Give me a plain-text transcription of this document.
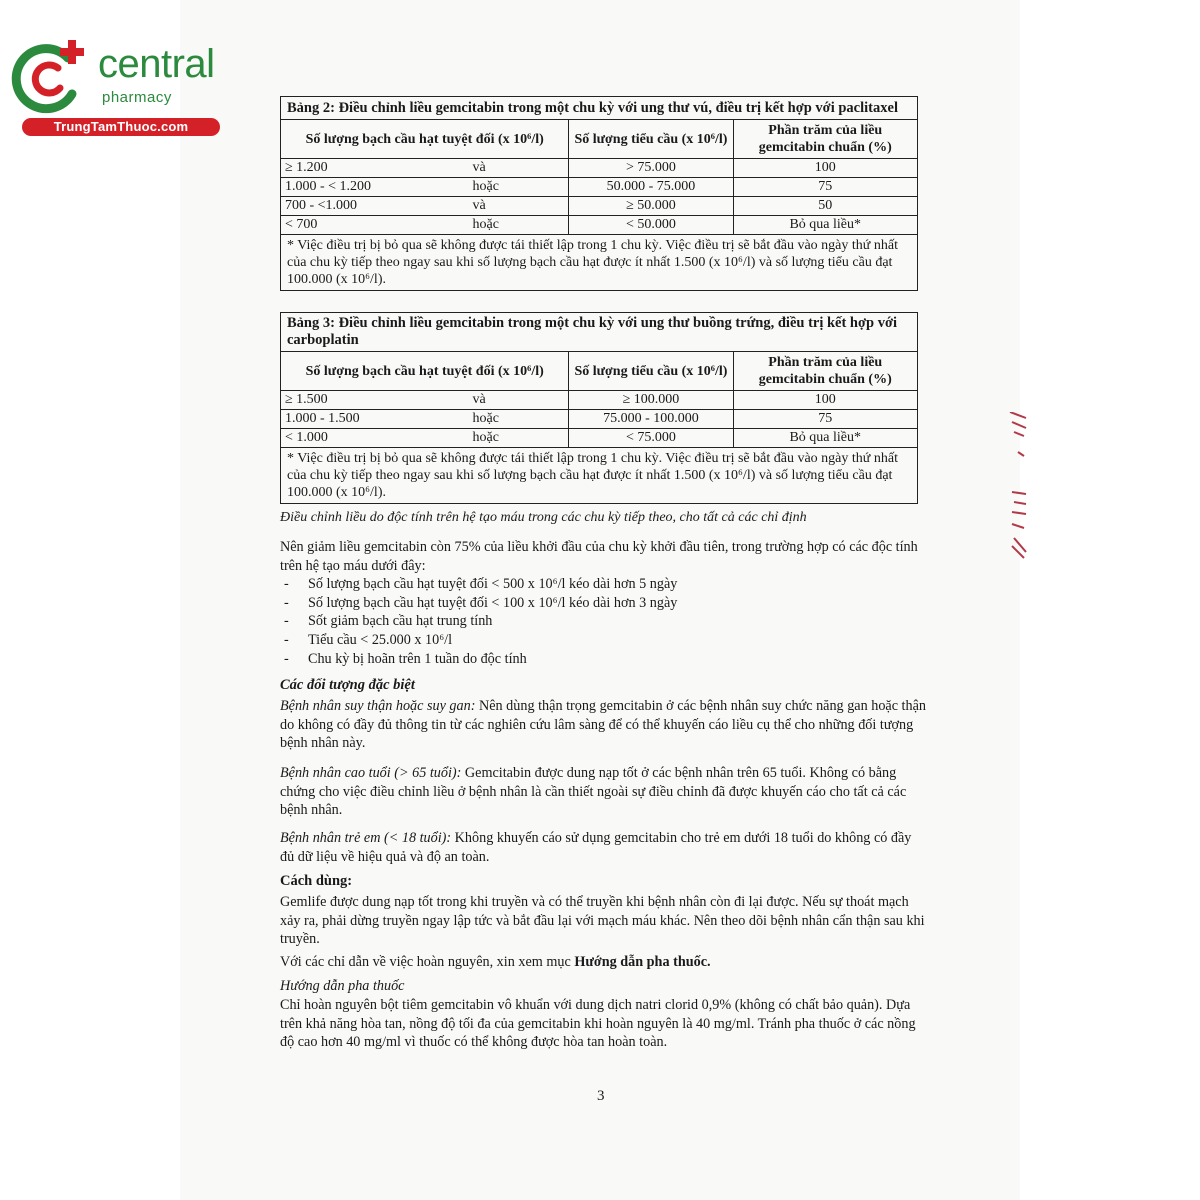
central
pharmacy
TrungTamThuoc.com
Bảng 2: Điều chỉnh liều gemcitabin trong một chu kỳ với ung thư vú, điều trị kết hợp với paclitaxel			
Số lượng bạch cầu hạt tuyệt đối (x 10⁶/l)		Số lượng tiểu cầu (x 10⁶/l)	Phần trăm của liều gemcitabin chuẩn (%)
≥ 1.200	và	> 75.000	100
1.000 - < 1.200	hoặc	50.000 - 75.000	75
700 - <1.000	và	≥ 50.000	50
< 700	hoặc	< 50.000	Bỏ qua liều*
* Việc điều trị bị bỏ qua sẽ không được tái thiết lập trong 1 chu kỳ. Việc điều trị sẽ bắt đầu vào ngày thứ nhất của chu kỳ tiếp theo ngay sau khi số lượng bạch cầu hạt được ít nhất 1.500 (x 10⁶/l) và số lượng tiểu cầu đạt 100.000 (x 10⁶/l).			
Bảng 3: Điều chỉnh liều gemcitabin trong một chu kỳ với ung thư buồng trứng, điều trị kết hợp với carboplatin			
Số lượng bạch cầu hạt tuyệt đối (x 10⁶/l)		Số lượng tiểu cầu (x 10⁶/l)	Phần trăm của liều gemcitabin chuẩn (%)
≥ 1.500	và	≥ 100.000	100
1.000 - 1.500	hoặc	75.000 - 100.000	75
< 1.000	hoặc	< 75.000	Bỏ qua liều*
* Việc điều trị bị bỏ qua sẽ không được tái thiết lập trong 1 chu kỳ. Việc điều trị sẽ bắt đầu vào ngày thứ nhất của chu kỳ tiếp theo ngay sau khi số lượng bạch cầu hạt được ít nhất 1.500 (x 10⁶/l) và số lượng tiểu cầu đạt 100.000 (x 10⁶/l).			
Điều chỉnh liều do độc tính trên hệ tạo máu trong các chu kỳ tiếp theo, cho tất cả các chỉ định
Nên giảm liều gemcitabin còn 75% của liều khởi đầu của chu kỳ khởi đầu tiên, trong trường hợp có các độc tính trên hệ tạo máu dưới đây:
- Số lượng bạch cầu hạt tuyệt đối < 500 x 10⁶/l kéo dài hơn 5 ngày
- Số lượng bạch cầu hạt tuyệt đối < 100 x 10⁶/l kéo dài hơn 3 ngày
- Sốt giảm bạch cầu hạt trung tính
- Tiểu cầu < 25.000 x 10⁶/l
- Chu kỳ bị hoãn trên 1 tuần do độc tính
Các đối tượng đặc biệt
Bệnh nhân suy thận hoặc suy gan: Nên dùng thận trọng gemcitabin ở các bệnh nhân suy chức năng gan hoặc thận do không có đầy đủ thông tin từ các nghiên cứu lâm sàng để có thể khuyến cáo liều cụ thể cho những đối tượng bệnh nhân này.
Bệnh nhân cao tuổi (> 65 tuổi): Gemcitabin được dung nạp tốt ở các bệnh nhân trên 65 tuổi. Không có bằng chứng cho việc điều chỉnh liều ở bệnh nhân là cần thiết ngoài sự điều chỉnh đã được khuyến cáo cho tất cả các bệnh nhân.
Bệnh nhân trẻ em (< 18 tuổi): Không khuyến cáo sử dụng gemcitabin cho trẻ em dưới 18 tuổi do không có đầy đủ dữ liệu về hiệu quả và độ an toàn.
Cách dùng:
Gemlife được dung nạp tốt trong khi truyền và có thể truyền khi bệnh nhân còn đi lại được. Nếu sự thoát mạch xảy ra, phải dừng truyền ngay lập tức và bắt đầu lại với mạch máu khác. Nên theo dõi bệnh nhân cẩn thận sau khi truyền.
Với các chỉ dẫn về việc hoàn nguyên, xin xem mục Hướng dẫn pha thuốc.
Hướng dẫn pha thuốc
Chỉ hoàn nguyên bột tiêm gemcitabin vô khuẩn với dung dịch natri clorid 0,9% (không có chất bảo quản). Dựa trên khả năng hòa tan, nồng độ tối đa của gemcitabin khi hoàn nguyên là 40 mg/ml. Tránh pha thuốc ở các nồng độ cao hơn 40 mg/ml vì thuốc có thể không được hòa tan hoàn toàn.
3
